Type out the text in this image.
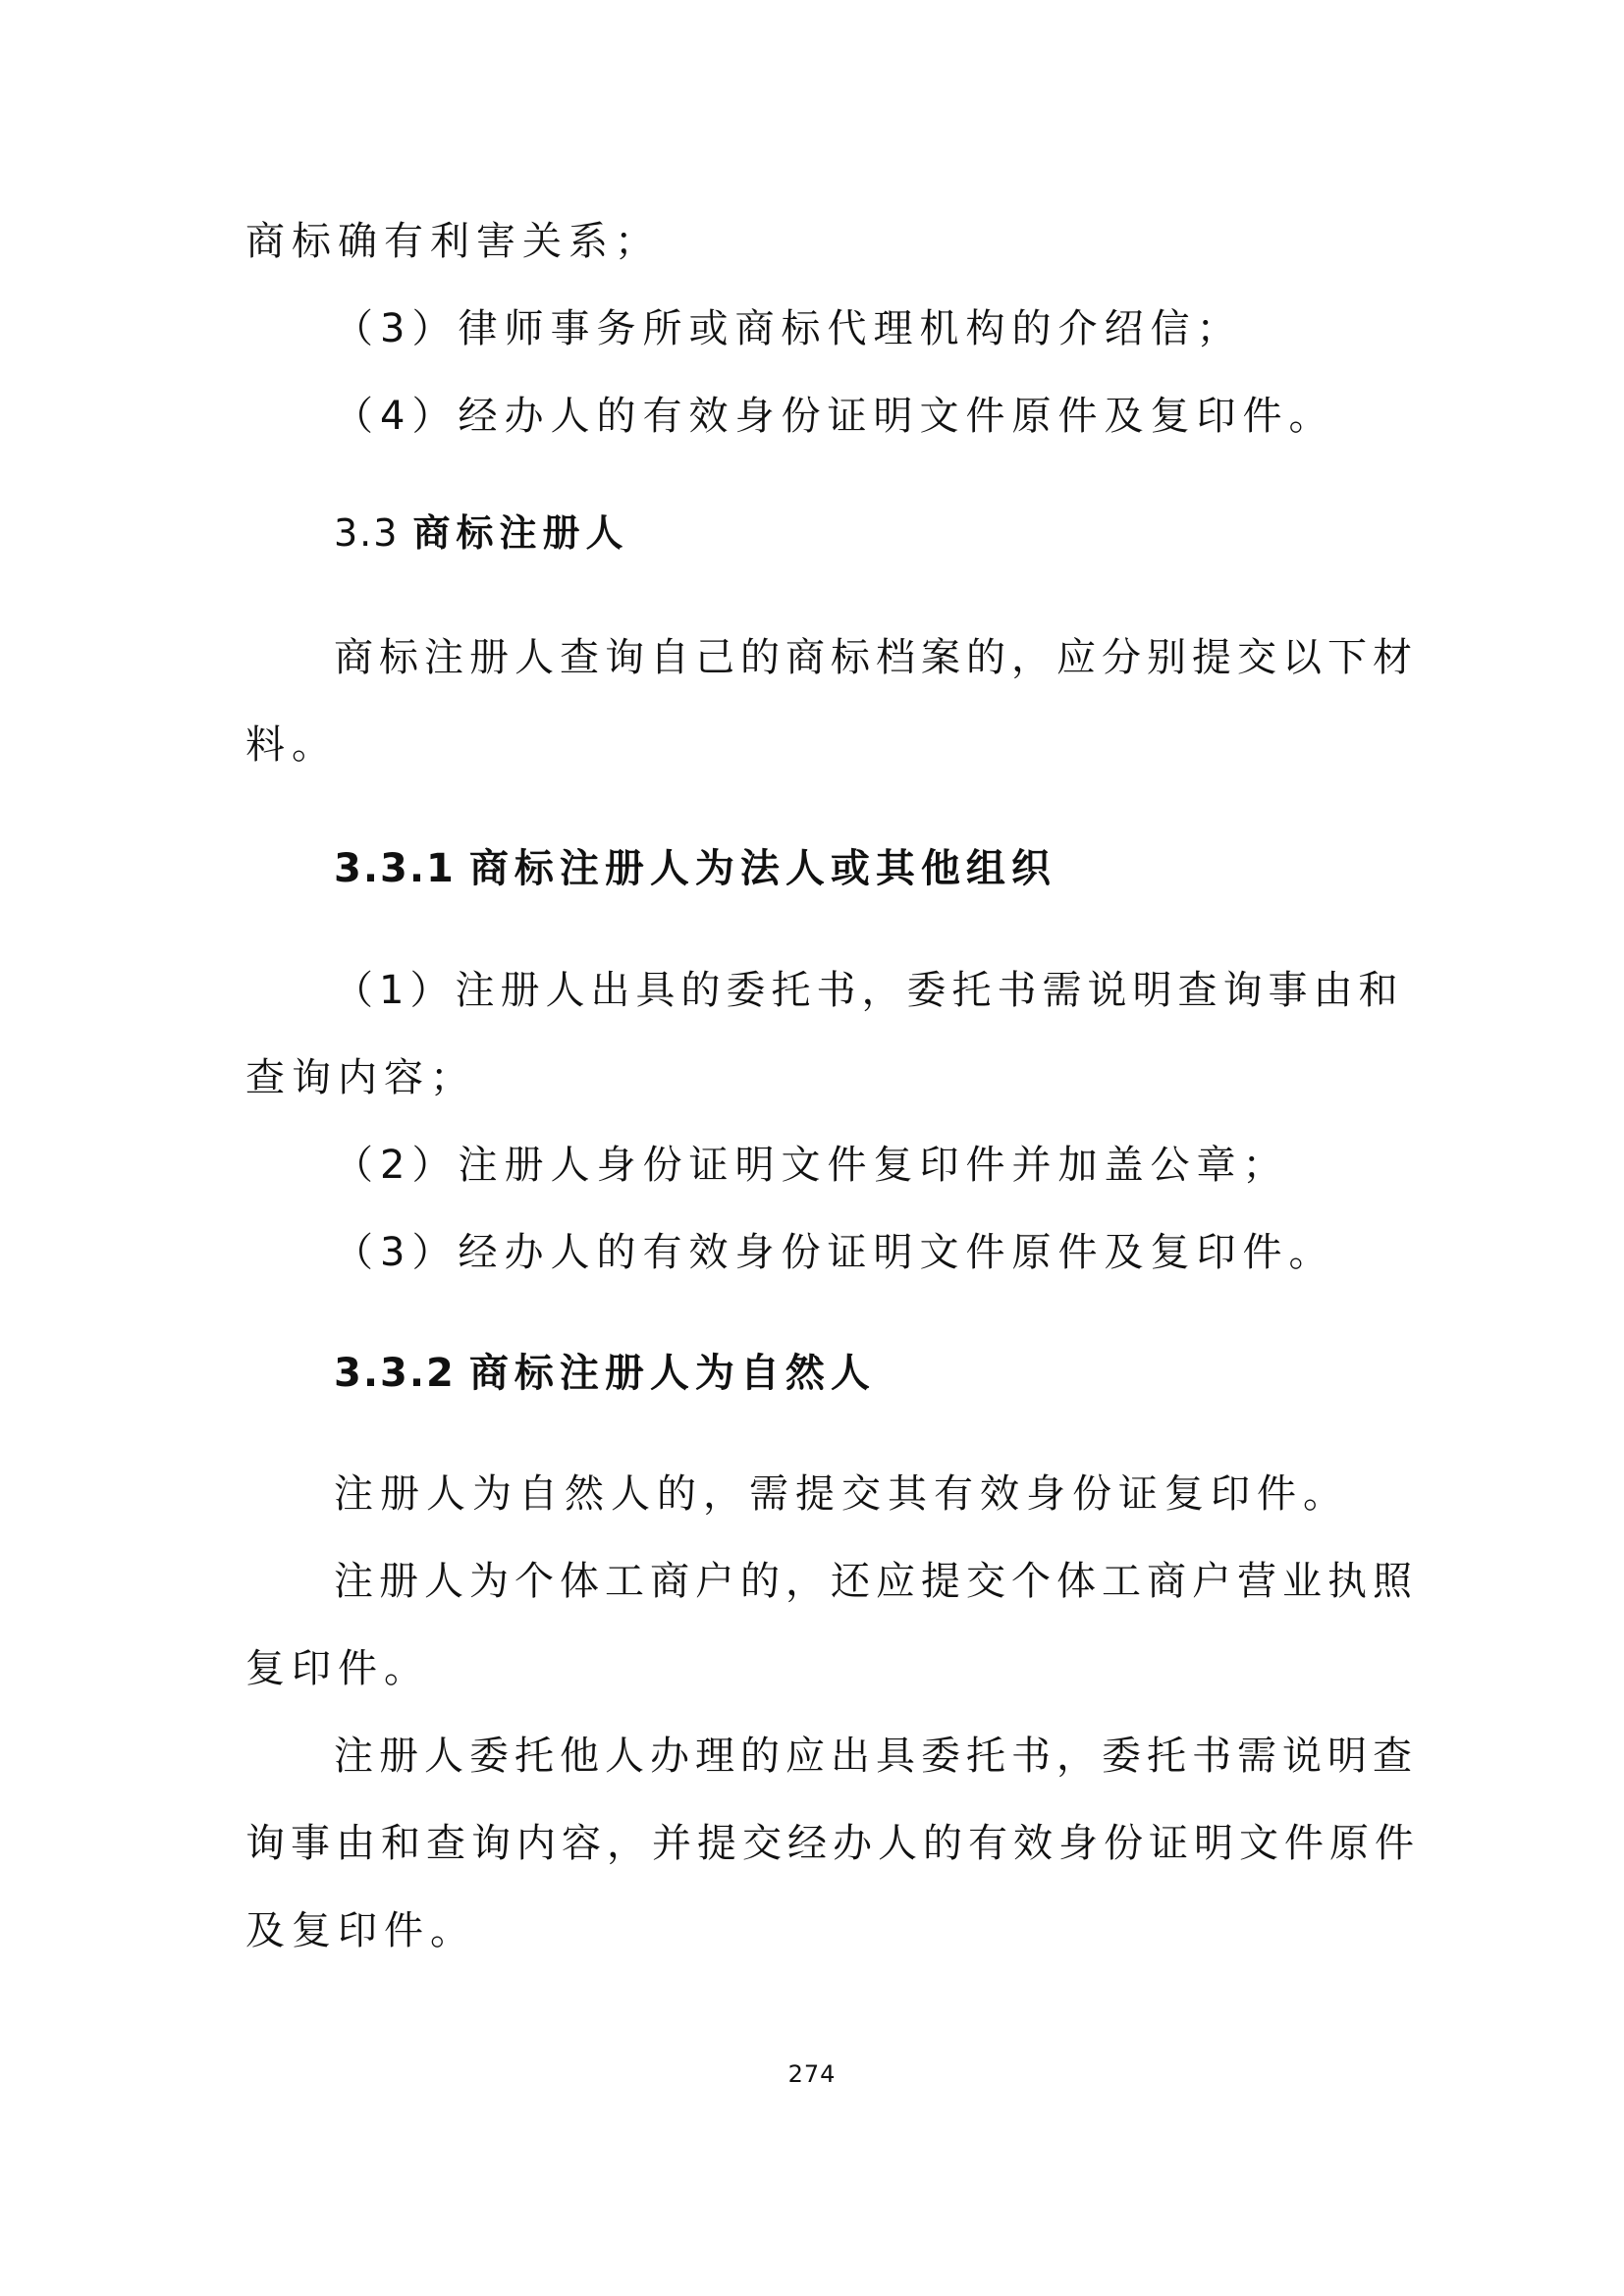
商标确有利害关系；
（3）律师事务所或商标代理机构的介绍信；
（4）经办人的有效身份证明文件原件及复印件。
3.3 商标注册人
商标注册人查询自己的商标档案的，应分别提交以下材
料。
3.3.1 商标注册人为法人或其他组织
（1）注册人出具的委托书，委托书需说明查询事由和
查询内容；
（2）注册人身份证明文件复印件并加盖公章；
（3）经办人的有效身份证明文件原件及复印件。
3.3.2 商标注册人为自然人
注册人为自然人的，需提交其有效身份证复印件。
注册人为个体工商户的，还应提交个体工商户营业执照
复印件。
注册人委托他人办理的应出具委托书，委托书需说明查
询事由和查询内容，并提交经办人的有效身份证明文件原件
及复印件。
274
